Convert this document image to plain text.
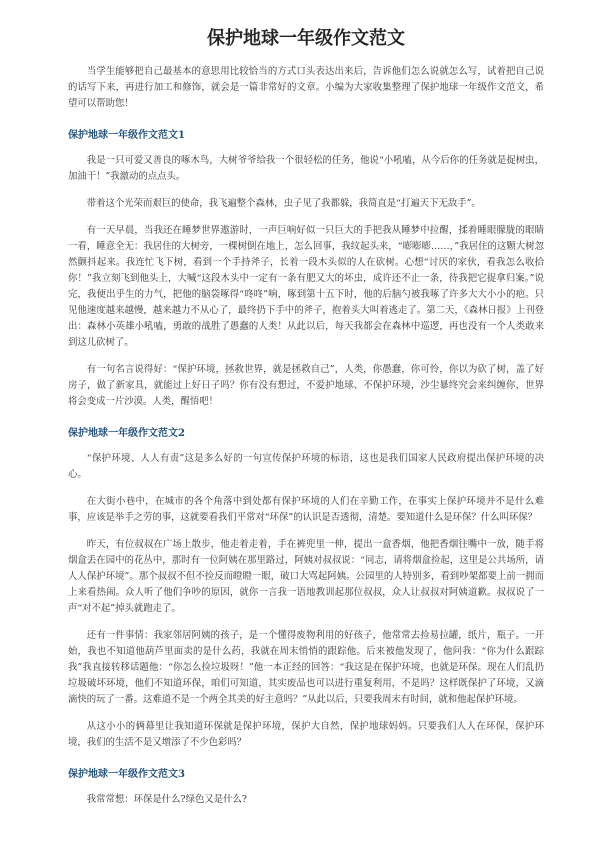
保护地球一年级作文范文

当学生能够把自己最基本的意思用比较恰当的方式口头表达出来后，告诉他们怎么说就怎么写，试着把自己说的话写下来，再进行加工和修饰，就会是一篇非常好的文章。小编为大家收集整理了保护地球一年级作文范文，希望可以帮助您！

保护地球一年级作文范文1

我是一只可爱又善良的啄木鸟，大树爷爷给我一个很轻松的任务，他说“小吼嗑，从今后你的任务就是捉树虫，加油干！”我激动的点点头。

带着这个光荣而艰巨的使命，我飞遍整个森林，虫子见了我都躲，我简直是“打遍天下无敌手”。

有一天早晨，当我还在睡梦世界遨游时，一声巨响好似一只巨大的手把我从睡梦中拉醒，揉着睡眼朦胧的眼睛一看，睡意全无：我居住的大树旁，一棵树倒在地上，怎么回事，我纹起头来，“嘭嘭嘭……，”我居住的这颗大树忽然颤抖起来。我连忙飞下树，看到一个手持斧子，长着一段木头似的人在砍树。心想“讨厌的家伙，看我怎么收拾你！”我立刻飞到他头上，大喊“这段木头中一定有一条有肥又大的坏虫，成许还不止一条，待我把它捉拿归案。”说完，我便出乎生的力气，把他的脑袋啄得“咚咚”响，啄到第十五下时，他的后脑勺被我啄了许多大大小小的疤。只见他速度越来越慢，越来越力不从心了，最终扔下手中的斧子，抱着头大叫着逃走了。第二天，《森林日报》上刊登出：森林小英雄小吼嗑，勇敢的战胜了愚蠢的人类！从此以后，每天我都会在森林中巡逻，再也没有一个人类敢来到这儿砍树了。

有一句名言说得好：“保护环境，拯救世界，就是拯救自己”，人类，你愚蠢，你可怜，你以为砍了树，盖了好房子，做了新家具，就能过上好日子吗？你有没有想过，不爱护地球、不保护环境，沙尘暴终究会来纠缠你，世界将会变成一片沙漠。人类，醒悟吧！

保护地球一年级作文范文2

“保护环境、人人有责”这是多么好的一句宣传保护环境的标语，这也是我们国家人民政府提出保护环境的决心。

在大街小巷中，在城市的各个角落中到处都有保护环境的人们在辛勤工作，在事实上保护环境并不是什么难事，应该是举手之劳的事，这就要看我们平常对“环保”的认识是否透彻，清楚。要知道什么是环保？什么叫环保？

昨天，有位叔叔在广场上散步，他走着走着，手在裤兜里一伸，提出一盒香烟，他把香烟往嘴中一放，随手将烟盒丢在园中的花丛中，那时有一位阿姨在那里路过，阿姨对叔叔说：“同志，请将烟盒捡起，这里是公共场所，请人人保护环境”。那个叔叔不但不捡反而瞪瞪一眼，破口大骂起阿姨。公园里的人特别多，看到吵架都要上前一拥而上来看热闹。众人听了他们争吵的原因，就你一言我一语地教训起那位叔叔，众人让叔叔对阿姨道歉。叔叔说了一声“对不起”掉头就跑走了。

还有一件事情：我家邻居阿姨的孩子，是一个懂得废物利用的好孩子，他常常去捡易拉罐，纸片，瓶子。一开始，我也不知道他葫芦里面卖的是什么药，我就在周末悄悄的跟踪他。后来被他发现了，他问我：“你为什么跟踪我”我直接转移话题他：“你怎么捡垃圾呀！”他一本正经的回答：“我这是在保护环境，也就是环保。现在人们乱扔垃圾破坏环境，他们不知道环保，咱们可知道，其实废品也可以进行重复利用，不是吗？这样既保护了环境，又滴滴快的玩了一番。这难道不是一个两全其美的好主意吗？”从此以后，只要我周末有时间，就和他起保护环境。

从这小小的俩幕里让我知道环保就是保护环境，保护大自然，保护地球妈妈。只要我们人人在环保，保护环境，我们的生活不是又增添了不少色彩吗？

保护地球一年级作文范文3

我常常想：环保是什么?绿色又是什么?
